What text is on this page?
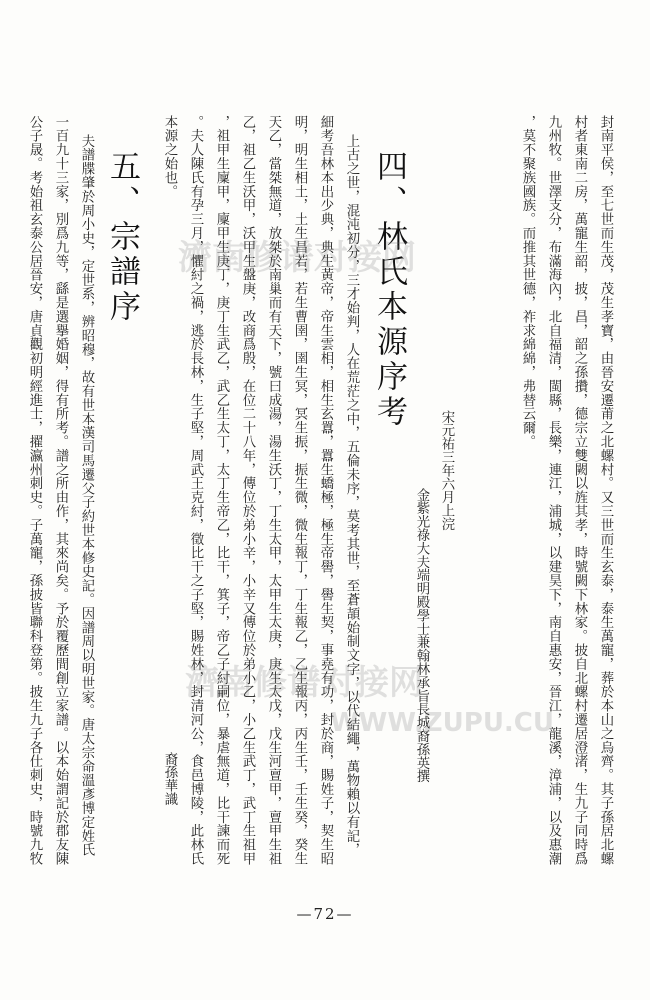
封南平侯，至七世而生茂，茂生孝寶，由晉安遷莆之北螺村。又三世而生玄泰，泰生萬寵，葬於本山之烏齊。其子孫居北螺
村者東南二房，萬寵生韶，披，昌，韶之孫攢，德宗立雙闕以旌其孝，時號闕下林家。披自北螺村遷居澄渚，生九子同時爲
九州牧。世澤支分，布滿海內，北自福清，閩縣，長樂，連江，浦城，以建昊下，南自惠安，晉江，龍溪，漳浦，以及惠潮
，莫不聚族國族。而推其世德，祚求綿綿，弗替云爾。
四、林氏本源序考
宋元祐三年六月上浣
金紫光祿大夫端明殿學士兼翰林承旨長城裔孫英撰
上古之世，混沌初分，三才始判，人在荒茫之中，五倫未序，莫考其世，至蒼頡始制文字，以代結繩，萬物賴以有記，
細考吾林本出少典，典生黃帝，帝生雲相，相生玄囂，囂生蟜極，極生帝嚳，嚳生契，事堯有功，封於商，賜姓子，契生昭
明，明生相土，土生昌若，若生曹圉，圉生冥，冥生振，振生微，微生報丁，丁生報乙，乙生報丙，丙生壬，壬生癸，癸生
天乙，當桀無道，放桀於南巢而有天下，號曰成湯，湯生沃丁，丁生太甲，太甲生太庚，庚生太戊，戊生河亶甲，亶甲生祖
乙，祖乙生沃甲，沃甲生盤庚，改商爲殷，在位二十八年，傳位於弟小辛，小辛又傳位於弟小乙，小乙生武丁，武丁生祖甲
，祖甲生廩甲，廩甲生庚丁，庚丁生武乙，武乙生太丁，太丁生帝乙，比干，箕子，帝乙子紂嗣位，暴虐無道，比干諫而死
。夫人陳氏有孕三月，懼紂之禍，逃於長林，生子堅，周武王克紂，徵比干之子堅，賜姓林，封清河公，食邑博陵，此林氏
本源之始也。
裔孫華識
五、宗譜序
夫譜牒肇於周小史，定世系，辨昭穆，故有世本漢司馬遷父子約世本修史記。因譜周以明世家。唐太宗命溫彥博定姓氏
一百九十三家，別爲九等，繇是選擧婚姻，得有所考。譜之所由作，其來尚矣。予於覆歷間創立家譜。以本始謂記於郡友陳
公子晟。考始祖玄泰公居晉安，唐貞觀初明經進士，擢瀛州刺史。子萬寵，孫披皆聯科登第。披生九子各仕刺史，時號九牧	濟南修谱对接网
濟南修谱对接网
WWW.ZUPU.CU
—72—
